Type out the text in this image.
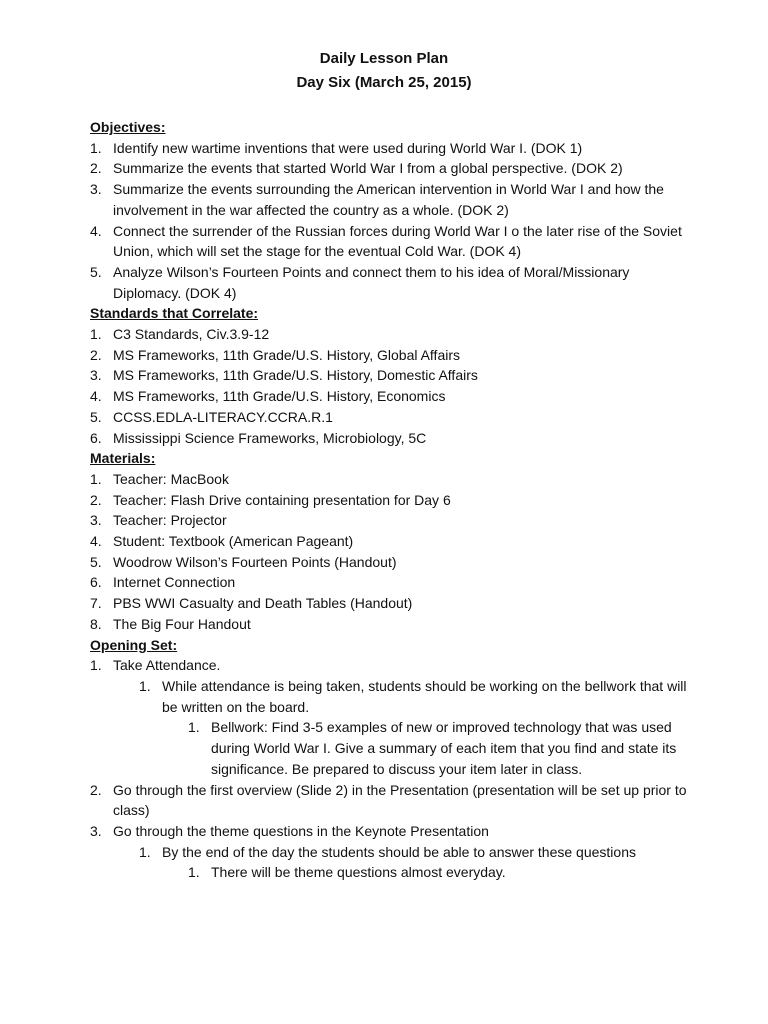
Daily Lesson Plan
Day Six (March 25, 2015)
Objectives:
1. Identify new wartime inventions that were used during World War I. (DOK 1)
2. Summarize the events that started World War I from a global perspective. (DOK 2)
3. Summarize the events surrounding the American intervention in World War I and how the involvement in the war affected the country as a whole. (DOK 2)
4. Connect the surrender of the Russian forces during World War I o the later rise of the Soviet Union, which will set the stage for the eventual Cold War. (DOK 4)
5. Analyze Wilson’s Fourteen Points and connect them to his idea of Moral/Missionary Diplomacy. (DOK 4)
Standards that Correlate:
1. C3 Standards, Civ.3.9-12
2. MS Frameworks, 11th Grade/U.S. History, Global Affairs
3. MS Frameworks, 11th Grade/U.S. History, Domestic Affairs
4. MS Frameworks, 11th Grade/U.S. History, Economics
5. CCSS.EDLA-LITERACY.CCRA.R.1
6. Mississippi Science Frameworks, Microbiology, 5C
Materials:
1. Teacher: MacBook
2. Teacher: Flash Drive containing presentation for Day 6
3. Teacher: Projector
4. Student: Textbook (American Pageant)
5. Woodrow Wilson’s Fourteen Points (Handout)
6. Internet Connection
7. PBS WWI Casualty and Death Tables (Handout)
8. The Big Four Handout
Opening Set:
1. Take Attendance.
1. While attendance is being taken, students should be working on the bellwork that will be written on the board.
1. Bellwork: Find 3-5 examples of new or improved technology that was used during World War I. Give a summary of each item that you find and state its significance. Be prepared to discuss your item later in class.
2. Go through the first overview (Slide 2) in the Presentation (presentation will be set up prior to class)
3. Go through the theme questions in the Keynote Presentation
1. By the end of the day the students should be able to answer these questions
1. There will be theme questions almost everyday.
